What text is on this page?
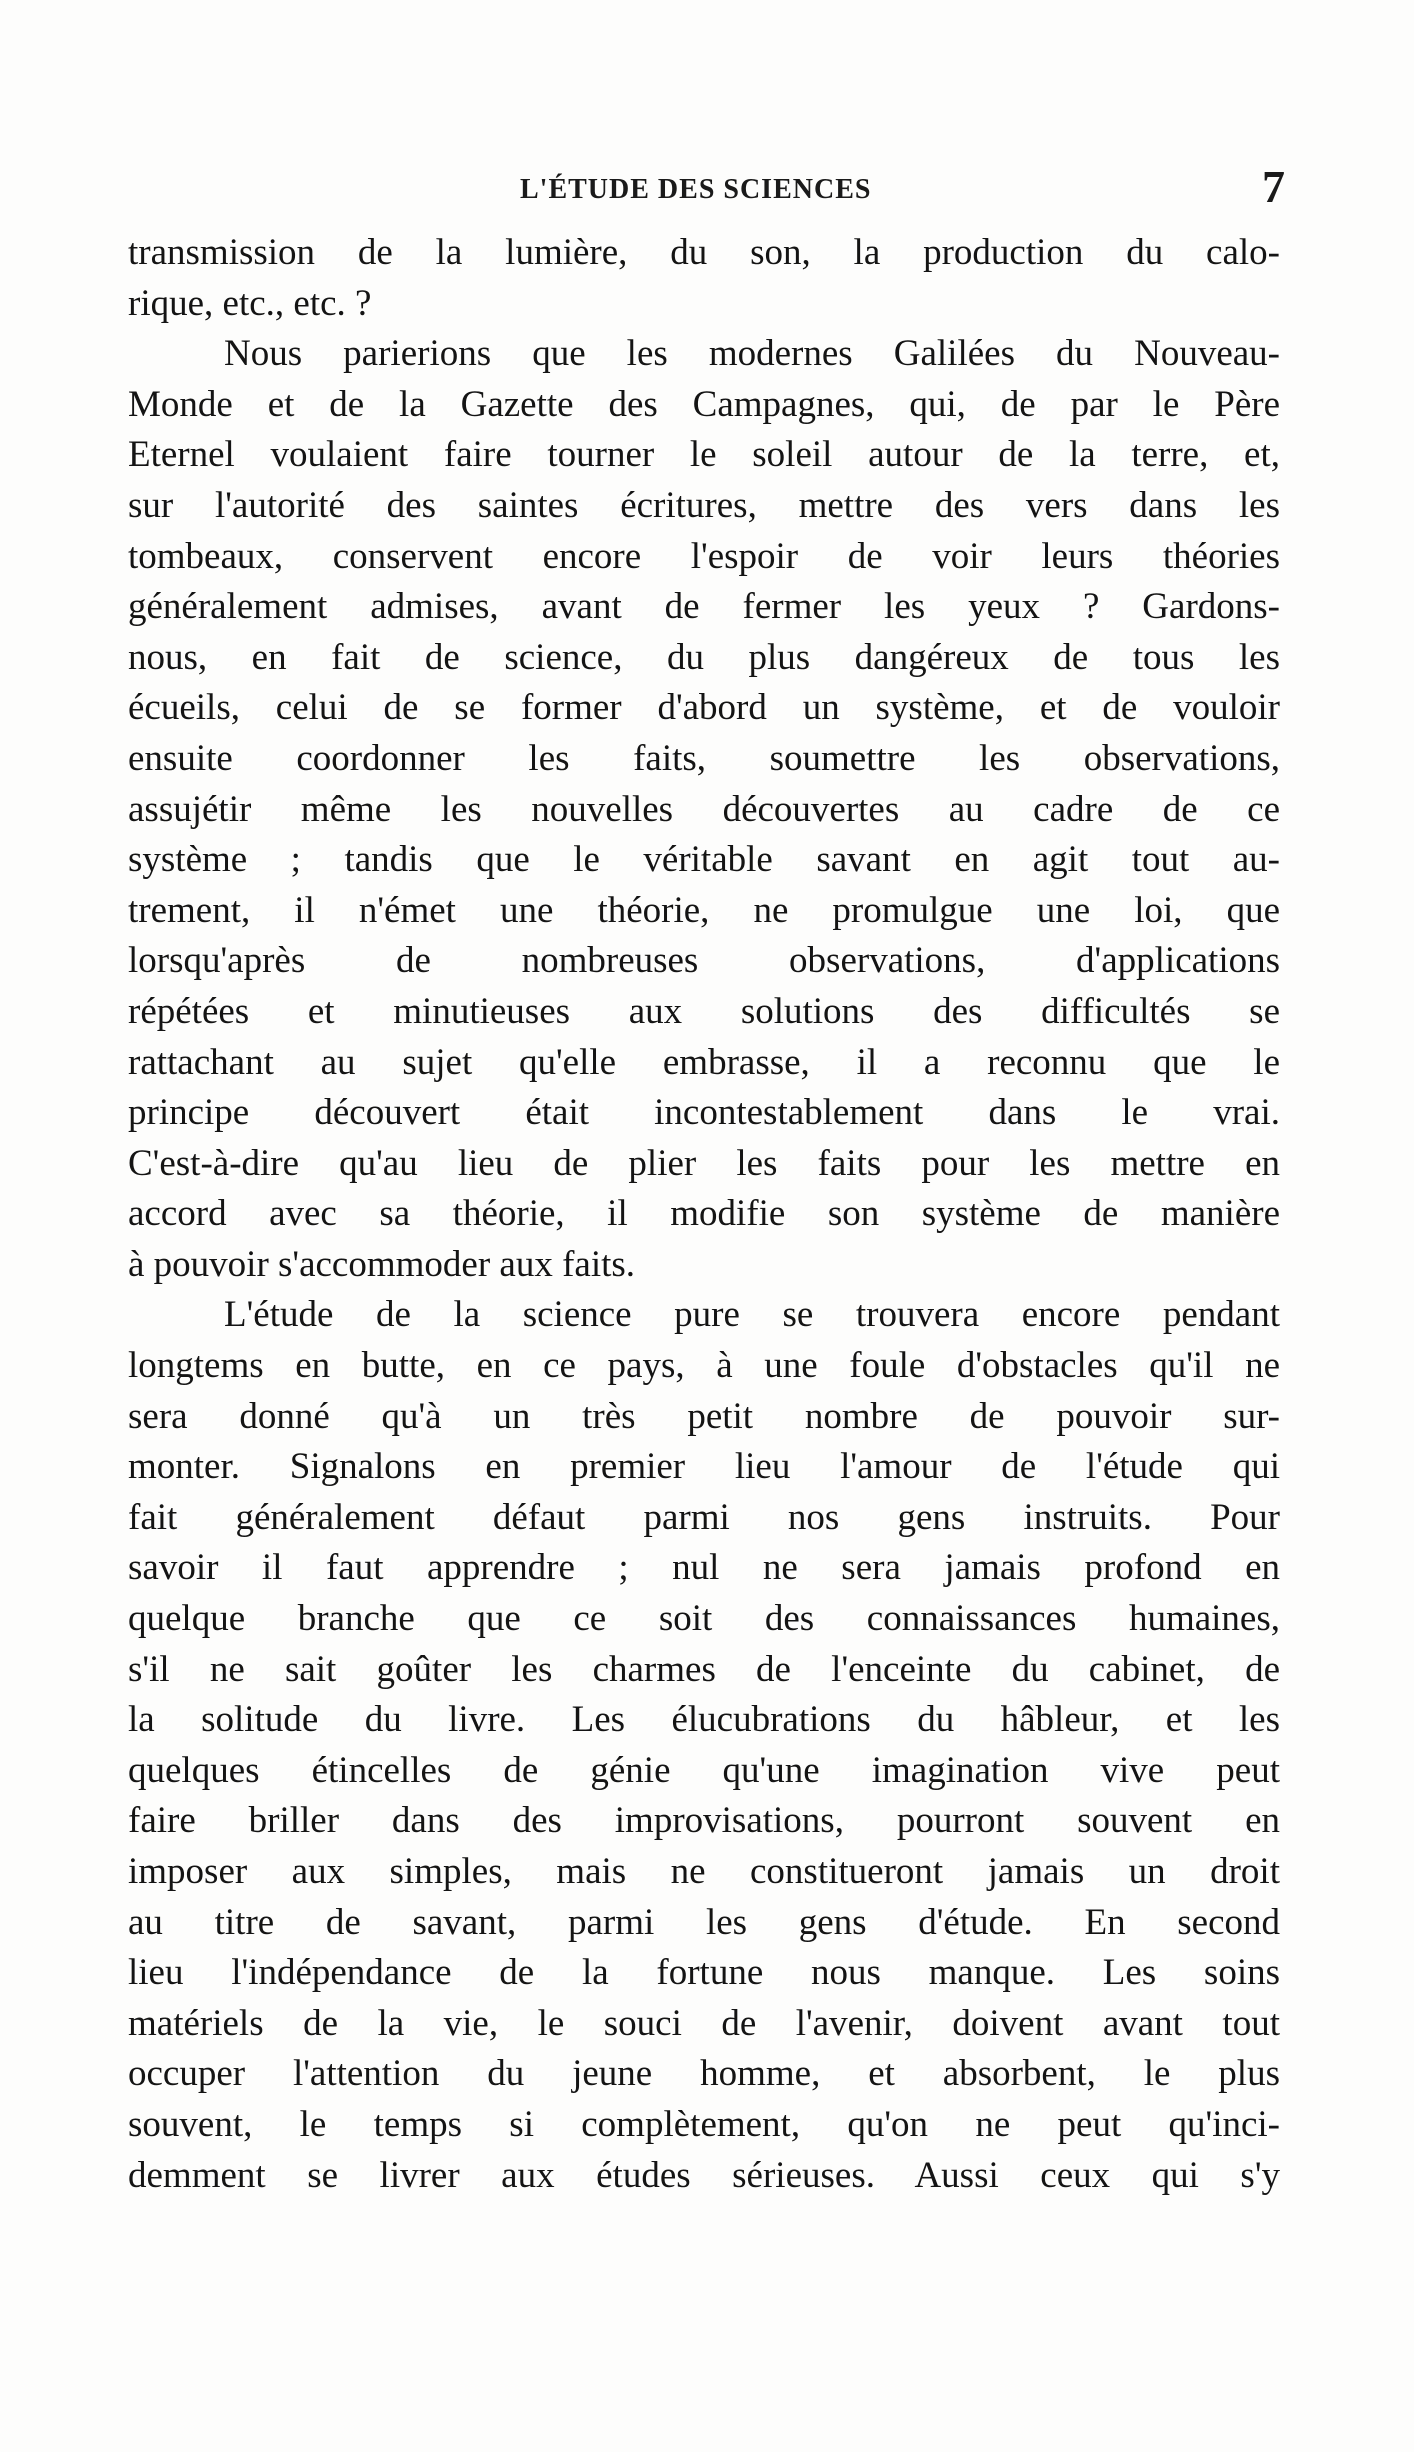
L'ÉTUDE DES SCIENCES	7
transmission de la lumière, du son, la production du calo-
rique, etc., etc. ?
Nous parierions que les modernes Galilées du Nouveau-
Monde et de la Gazette des Campagnes, qui, de par le Père
Eternel voulaient faire tourner le soleil autour de la terre, et,
sur l'autorité des saintes écritures, mettre des vers dans les
tombeaux, conservent encore l'espoir de voir leurs théories
généralement admises, avant de fermer les yeux ? Gardons-
nous, en fait de science, du plus dangéreux de tous les
écueils, celui de se former d'abord un système, et de vouloir
ensuite coordonner les faits, soumettre les observations,
assujétir même les nouvelles découvertes au cadre de ce
système ; tandis que le véritable savant en agit tout au-
trement, il n'émet une théorie, ne promulgue une loi, que
lorsqu'après de nombreuses observations, d'applications
répétées et minutieuses aux solutions des difficultés se
rattachant au sujet qu'elle embrasse, il a reconnu que le
principe découvert était incontestablement dans le vrai.
C'est-à-dire qu'au lieu de plier les faits pour les mettre en
accord avec sa théorie, il modifie son système de manière
à pouvoir s'accommoder aux faits.
L'étude de la science pure se trouvera encore pendant
longtems en butte, en ce pays, à une foule d'obstacles qu'il ne
sera donné qu'à un très petit nombre de pouvoir sur-
monter. Signalons en premier lieu l'amour de l'étude qui
fait généralement défaut parmi nos gens instruits. Pour
savoir il faut apprendre ; nul ne sera jamais profond en
quelque branche que ce soit des connaissances humaines,
s'il ne sait goûter les charmes de l'enceinte du cabinet, de
la solitude du livre. Les élucubrations du hâbleur, et les
quelques étincelles de génie qu'une imagination vive peut
faire briller dans des improvisations, pourront souvent en
imposer aux simples, mais ne constitueront jamais un droit
au titre de savant, parmi les gens d'étude. En second
lieu l'indépendance de la fortune nous manque. Les soins
matériels de la vie, le souci de l'avenir, doivent avant tout
occuper l'attention du jeune homme, et absorbent, le plus
souvent, le temps si complètement, qu'on ne peut qu'inci-
demment se livrer aux études sérieuses. Aussi ceux qui s'y
